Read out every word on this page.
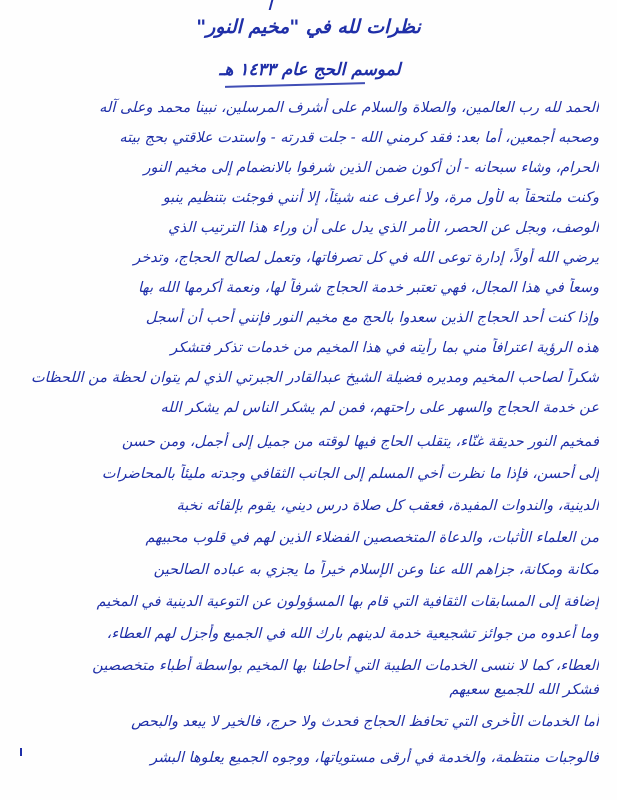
نظرات لله في "مخيم النور"
لموسم الحج عام ١٤٣٣ هـ
الحمد لله رب العالمين، والصلاة والسلام على أشرف المرسلين، نبينا محمد وعلى آله
وصحبه أجمعين، أما بعد: فقد كرمني الله - جلت قدرته - واستدت علاقتي بحج بيته
الحرام، وشاء سبحانه - أن أكون ضمن الذين شرفوا بالانضمام إلى مخيم النور
وكنت ملتحقاً به لأول مرة، ولا أعرف عنه شيئاً، إلا أنني فوجئت بتنظيم ينبو
الوصف، وبجل عن الحصر، الأمر الذي يدل على أن وراء هذا الترتيب الذي
يرضي الله أولاً، إدارة توعى الله في كل تصرفاتها، وتعمل لصالح الحجاج، وتدخر
وسعاً في هذا المجال، فهي تعتبر خدمة الحجاج شرفاً لها، ونعمة أكرمها الله بها
وإذا كنت أحد الحجاج الذين سعدوا بالحج مع مخيم النور فإنني أحب أن أسجل
هذه الرؤية اعترافاً مني بما رأيته في هذا المخيم من خدمات تذكر فتشكر
شكراً لصاحب المخيم ومديره فضيلة الشيخ عبدالقادر الجبرتي الذي لم يتوان لحظة من اللحظات
عن خدمة الحجاج والسهر على راحتهم، فمن لم يشكر الناس لم يشكر الله
فمخيم النور حديقة غنّاء، يتقلب الحاج فيها لوقته من جميل إلى أجمل، ومن حسن
إلى أحسن، فإذا ما نظرت أخي المسلم إلى الجانب الثقافي وجدته مليئاً بالمحاضرات
الدينية، والندوات المفيدة، فعقب كل صلاة درس ديني، يقوم بإلقائه نخبة
من العلماء الأثبات، والدعاة المتخصصين الفضلاء الذين لهم في قلوب محبيهم
مكانة ومكانة، جزاهم الله عنا وعن الإسلام خيراً ما يجزي به عباده الصالحين
إضافة إلى المسابقات الثقافية التي قام بها المسؤولون عن التوعية الدينية في المخيم
وما أعدوه من جوائز تشجيعية خدمة لدينهم بارك الله في الجميع وأجزل لهم العطاء،
العطاء، كما لا ننسى الخدمات الطيبة التي أحاطنا بها المخيم بواسطة أطباء متخصصين
فشكر الله للجميع سعيهم
أما الخدمات الأخرى التي تحافظ الحجاج فحدث ولا حرج، فالخير لا يبعد والبحص
فالوجبات منتظمة، والخدمة في أرقى مستوياتها، ووجوه الجميع يعلوها البشر
